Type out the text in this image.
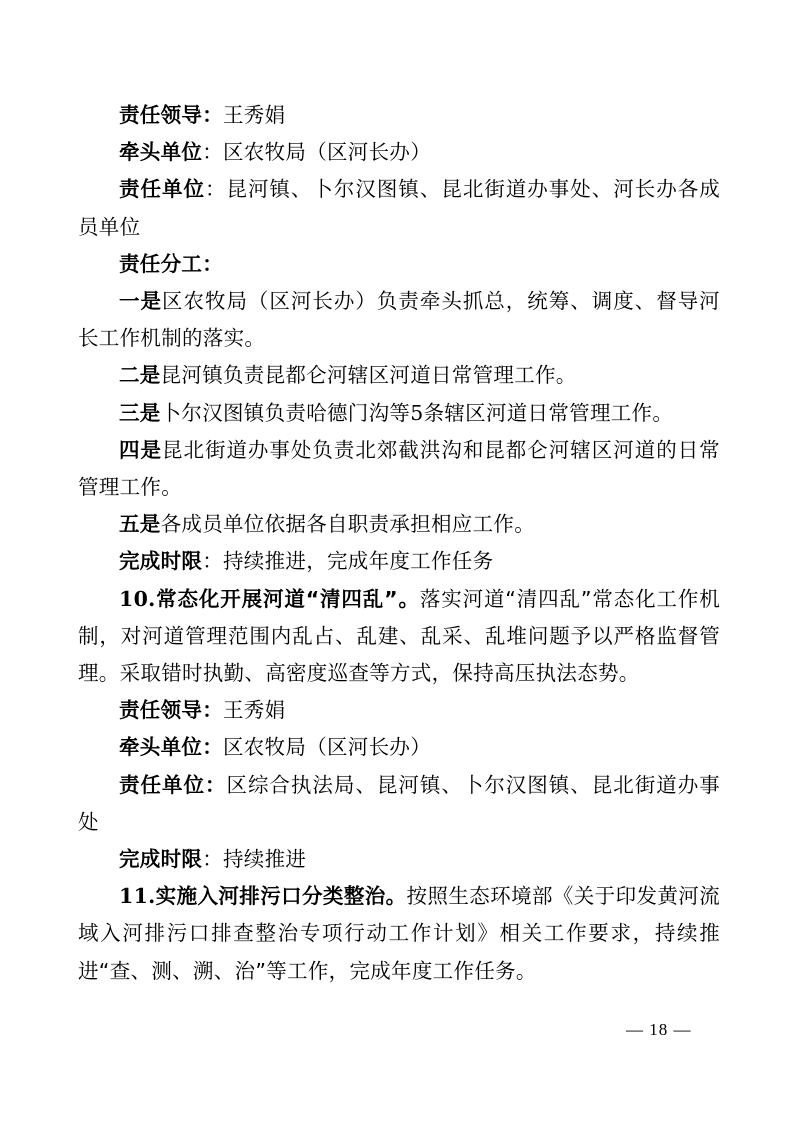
责任领导：王秀娟

牵头单位：区农牧局（区河长办）

责任单位：昆河镇、卜尔汉图镇、昆北街道办事处、河长办各成员单位

责任分工：

一是区农牧局（区河长办）负责牵头抓总，统筹、调度、督导河长工作机制的落实。

二是昆河镇负责昆都仑河辖区河道日常管理工作。

三是卜尔汉图镇负责哈德门沟等5条辖区河道日常管理工作。

四是昆北街道办事处负责北郊截洪沟和昆都仑河辖区河道的日常管理工作。

五是各成员单位依据各自职责承担相应工作。

完成时限：持续推进，完成年度工作任务

10.常态化开展河道“清四乱”。落实河道“清四乱”常态化工作机制，对河道管理范围内乱占、乱建、乱采、乱堆问题予以严格监督管理。采取错时执勤、高密度巡查等方式，保持高压执法态势。

责任领导：王秀娟

牵头单位：区农牧局（区河长办）

责任单位：区综合执法局、昆河镇、卜尔汉图镇、昆北街道办事处

完成时限：持续推进

11.实施入河排污口分类整治。按照生态环境部《关于印发黄河流域入河排污口排查整治专项行动工作计划》相关工作要求，持续推进“查、测、溯、治”等工作，完成年度工作任务。

— 18 —
